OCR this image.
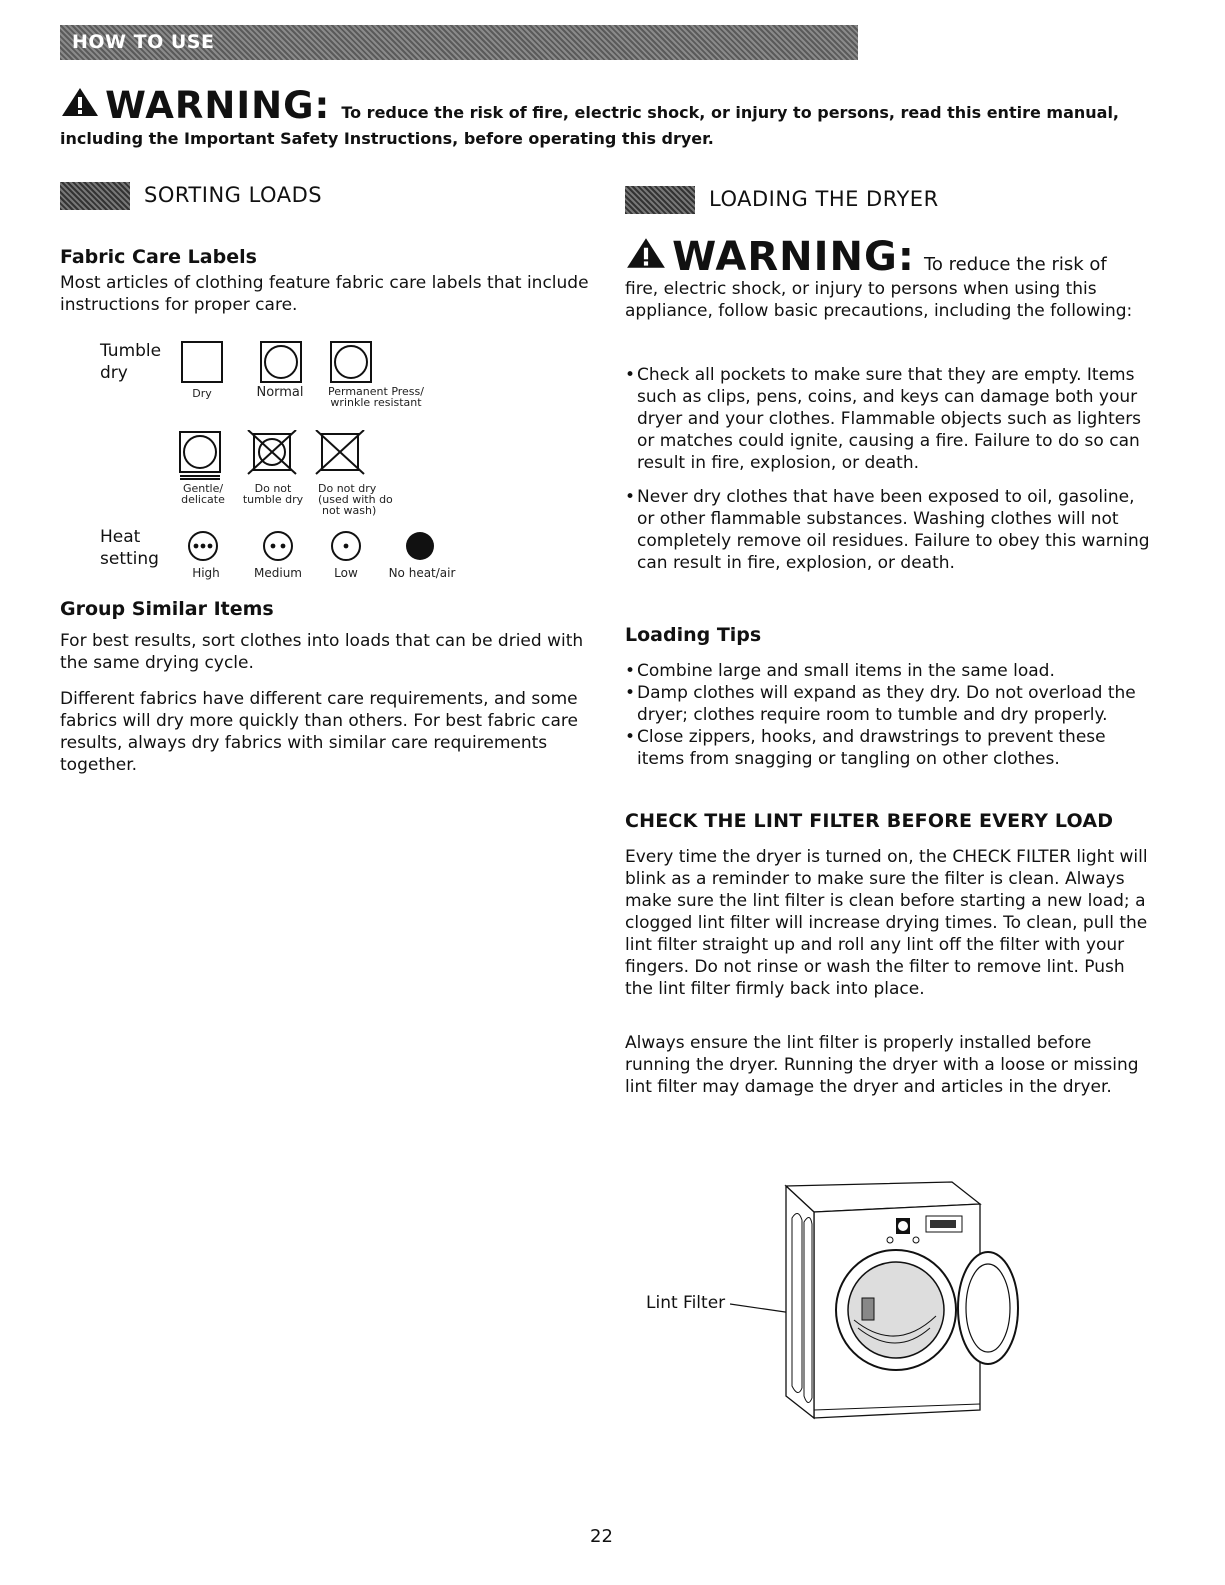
HOW TO USE
WARNING: To reduce the risk of fire, electric shock, or injury to persons, read this entire manual,
including the Important Safety Instructions, before operating this dryer.
SORTING LOADS
Fabric Care Labels

Most articles of clothing feature fabric care labels that include instructions for proper care.

Tumble
dry
Dry	Normal	Permanent Press/
wrinkle resistant
Gentle/
delicate
Do not
tumble dry
Do not dry
(used with do
not wash)
Heat
setting
High	Medium	Low	No heat/air
Group Similar Items

For best results, sort clothes into loads that can be dried with the same drying cycle.

Different fabrics have different care requirements, and some fabrics will dry more quickly than others. For best fabric care results, always dry fabrics with similar care requirements together.

LOADING THE DRYER
WARNING: To reduce the risk of

fire, electric shock, or injury to persons when using this appliance, follow basic precautions, including the following:

• Check all pockets to make sure that they are empty. Items such as clips, pens, coins, and keys can damage both your dryer and your clothes. Flammable objects such as lighters or matches could ignite, causing a fire. Failure to do so can result in fire, explosion, or death.
• Never dry clothes that have been exposed to oil, gasoline, or other flammable substances. Washing clothes will not completely remove oil residues. Failure to obey this warning can result in fire, explosion, or death.
Loading Tips
• Combine large and small items in the same load.
• Damp clothes will expand as they dry. Do not overload the dryer; clothes require room to tumble and dry properly.
• Close zippers, hooks, and drawstrings to prevent these items from snagging or tangling on other clothes.
CHECK THE LINT FILTER BEFORE EVERY LOAD

Every time the dryer is turned on, the CHECK FILTER light will blink as a reminder to make sure the filter is clean. Always make sure the lint filter is clean before starting a new load; a clogged lint filter will increase drying times. To clean, pull the lint filter straight up and roll any lint off the filter with your fingers. Do not rinse or wash the filter to remove lint. Push the lint filter firmly back into place.

Always ensure the lint filter is properly installed before running the dryer. Running the dryer with a loose or missing lint filter may damage the dryer and articles in the dryer.

Lint Filter
22
